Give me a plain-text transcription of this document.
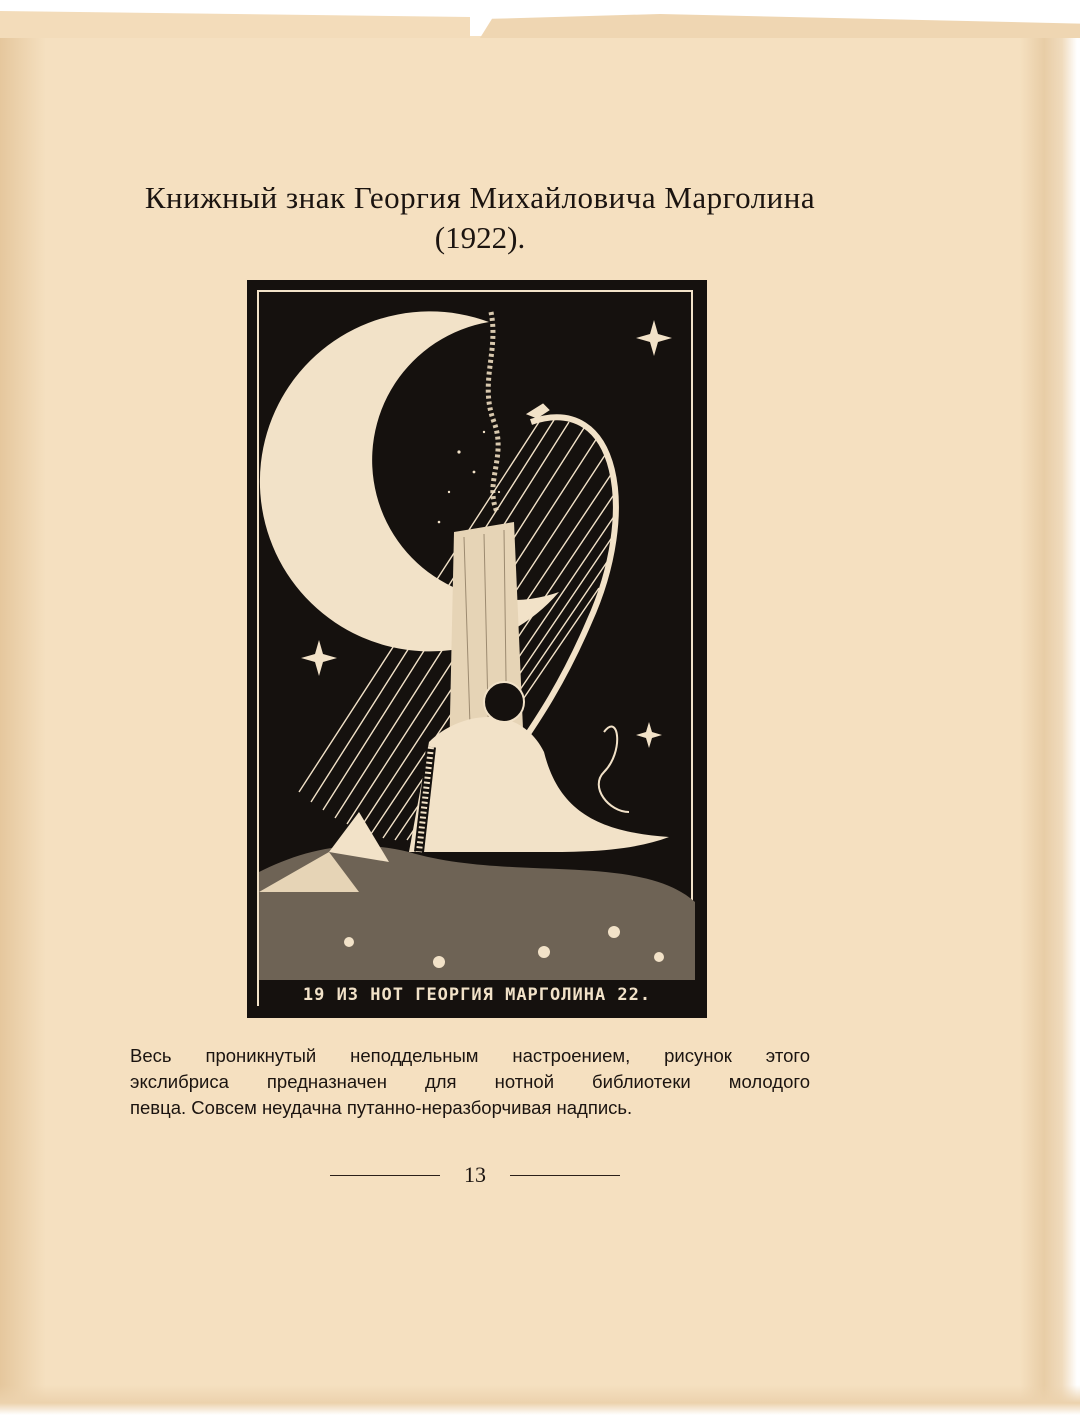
Книжный знак Георгия Михайловича Марголина
(1922).
19 ИЗ НОТ ГЕОРГИЯ МАРГОЛИНА 22.
Весь проникнутый неподдельным настроением, рисунок этого
экслибриса предназначен для нотной библиотеки молодого
певца. Совсем неудачна путанно-неразборчивая надпись.
13
